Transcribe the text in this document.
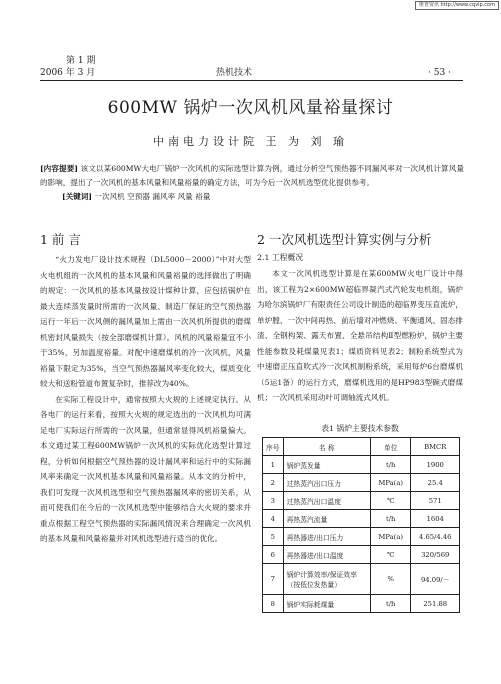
维普资讯 http://www.cqvip.com
第 1 期
2006 年 3 月	热机技术	· 53 ·
600MW 锅炉一次风机风量裕量探讨
中南电力设计院 王 为 刘 瑜

[内容提要] 该文以某600MW大电厂锅炉一次风机的实际选型计算为例，通过分析空气预热器不同漏风率对一次风机计算风量的影响，提出了一次风机的基本风量和风量裕量的确定方法，可为今后一次风机选型优化提供参考。

[关键词] 一次风机 空预器 漏风率 风量 裕量

1 前 言

“火力发电厂设计技术规程（DL5000－2000）”中对大型火电机组的一次风机的基本风量和风量裕量的选择做出了明确的规定：一次风机的基本风量按设计煤种计算，应包括锅炉在最大连续蒸发量时所需的一次风量、制造厂保证的空气预热器运行一年后一次风侧的漏风量加上需由一次风机所提供的磨煤机密封风量损失（按全部磨煤机计算）。风机的风量裕量宜不小于35%，另加温度裕量。对配中速磨煤机的冷一次风机，风量裕量下限定为35%，当空气预热器漏风率变化较大，煤质变化较大和送粉管道布置复杂时，推荐改为40%。

在实际工程设计中，通常按照大火规的上述规定执行。从各电厂的运行来看，按照大火规的规定选出的一次风机均可满足电厂实际运行所需的一次风量，但通常显得风机裕量偏大。本文通过某工程600MW锅炉一次风机的实际优化选型计算过程，分析如何根据空气预热器的设计漏风率和运行中的实际漏风率来确定一次风机基本风量和风量裕量。从本文的分析中，我们可发现一次风机选型和空气预热器漏风率的密切关系，从而可使我们在今后的一次风机选型中能够结合大火规的要求并重点根据工程空气预热器的实际漏风情况来合理确定一次风机的基本风量和风量裕量并对风机选型进行适当的优化。

2 一次风机选型计算实例与分析
2.1 工程概况

本文一次风机选型计算是在某600MW火电厂设计中得出，该工程为2×600MW超临界凝汽式汽轮发电机组，锅炉为哈尔滨锅炉厂有限责任公司设计制造的超临界变压直流炉，单炉膛、一次中间再热、前后墙对冲燃烧、平衡通风、固态排渣、全钢构架、露天布置、全悬吊结构Ⅱ型燃粉炉，锅炉主要性能参数及耗煤量见表1；煤质资料见表2；制粉系统型式为中速磨正压直吹式冷一次风机制粉系统，采用每炉6台磨煤机（5运1备）的运行方式，磨煤机选用的是HP983型碗式磨煤机；一次风机采用动叶可调轴流式风机。

表1 锅炉主要技术参数
序号	名 称	单位	BMCR
1	锅炉蒸发量	t/h	1900
2	过热蒸汽出口压力	MPa(a)	25.4
3	过热蒸汽出口温度	℃	571
4	再热蒸汽流量	t/h	1604
5	再热器进/出口压力	MPa(a)	4.65/4.46
6	再热器进/出口温度	℃	320/569
7	锅炉计算效率/保证效率（按低位发热量）	%	94.09/－
8	锅炉实际耗煤量	t/h	251.88
